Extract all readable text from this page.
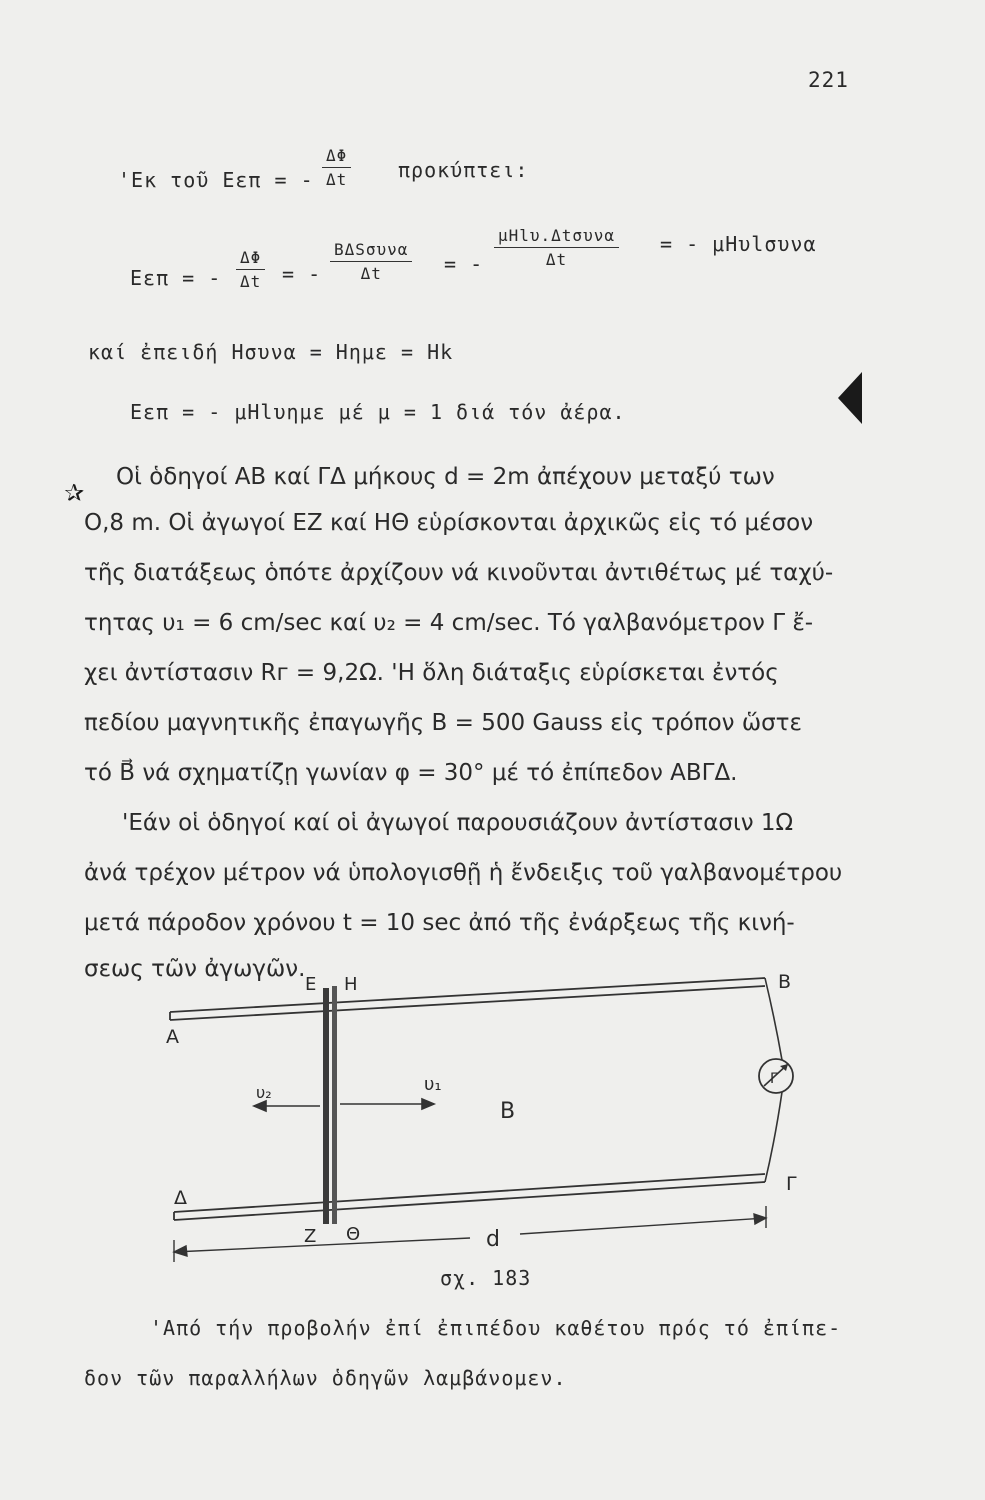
221
'Εκ τοῦ Eεπ = - $\frac{\Delta\Phi}{\Delta t} \pi\rho o\kappa ύ\pi\tau\varepsilon\iota$:
Eεπ = - $\frac{\Delta\Phi}{\Delta t}$ = -
BΔSσυνα
Δt	= -
μHlυ.Δtσυνα
Δt
= - μHυlσυνα
καί ἐπειδή Hσυνα = Hημε = Hk
Eεπ = - μHlυημε μέ μ = 1 διά τόν ἀέρα.
✰ Οἱ ὁδηγοί AB καί ΓΔ μήκους d = 2m ἀπέχουν μεταξύ των
O,8 m. Oἱ ἀγωγοί EZ καί HΘ εὑρίσκονται ἀρχικῶς εἰς τό μέσον
τῆς διατάξεως ὁπότε ἀρχίζουν νά κινοῦνται ἀντιθέτως μέ ταχύ-
τητας υ₁ = 6 cm/sec καί υ₂ = 4 cm/sec. Tό γαλβανόμετρον Γ ἔ-
χει ἀντίστασιν Rг = 9,2Ω. 'H ὅλη διάταξις εὑρίσκεται ἐντός
πεδίου μαγνητικῆς ἐπαγωγῆς B = 500 Gauss εἰς τρόπον ὥστε
τό B⃗ νά σχηματίζῃ γωνίαν φ = 30° μέ τό ἐπίπεδον ABΓΔ.
'Εάν οἱ ὁδηγοί καί οἱ ἀγωγοί παρουσιάζουν ἀντίστασιν 1Ω
ἀνά τρέχον μέτρον νά ὑπολογισθῇ ἡ ἔνδειξις τοῦ γαλβανομέτρου
μετά πάροδον χρόνου t = 10 sec ἀπό τῆς ἐνάρξεως τῆς κινή-
σεως τῶν ἀγωγῶν.
A
B
Γ
Δ
E H
Z Θ
υ₁
υ₂
B
d
Γ
σχ. 183
'Aπό τήν προβολήν ἐπί ἐπιπέδου καθέτου πρός τό ἐπίπε-
δον τῶν παραλλήλων ὁδηγῶν λαμβάνομεν.
